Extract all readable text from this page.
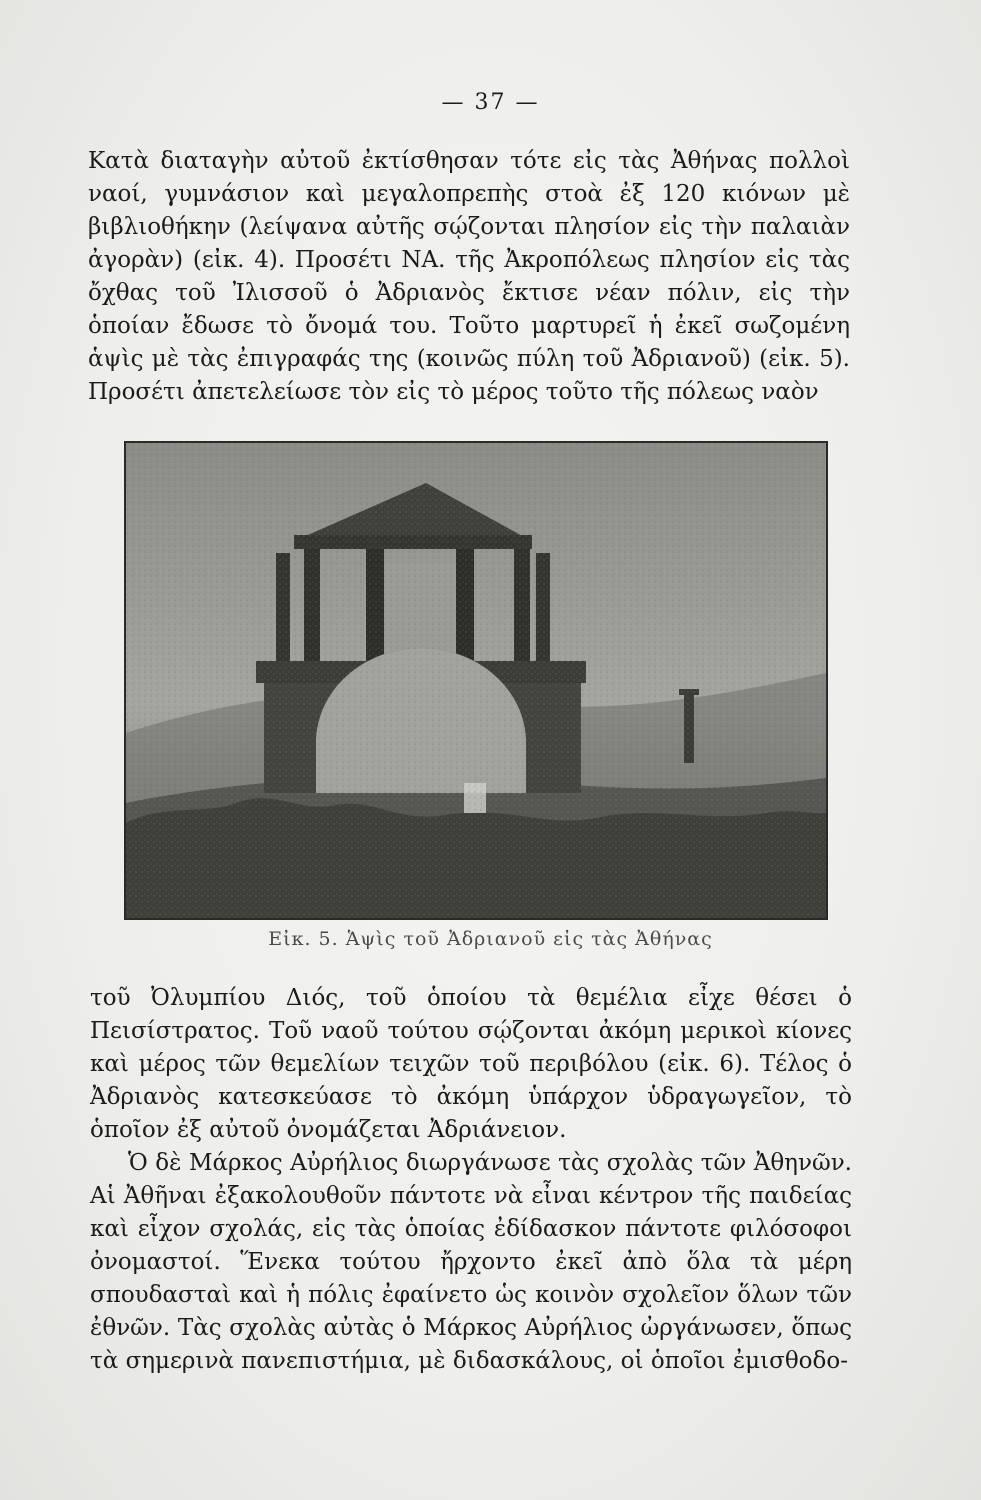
— 37 —

Κατὰ διαταγὴν αὐτοῦ ἐκτίσθησαν τότε εἰς τὰς Ἀθήνας πολλοὶ ναοί, γυμνάσιον καὶ μεγαλοπρεπὴς στοὰ ἐξ 120 κιόνων μὲ βιβλιοθήκην (λείψανα αὐτῆς σῴζονται πλησίον εἰς τὴν παλαιὰν ἀγορὰν) (εἰκ. 4). Προσέτι ΝΑ. τῆς Ἀκροπόλεως πλησίον εἰς τὰς ὄχθας τοῦ Ἰλισσοῦ ὁ Ἀδριανὸς ἔκτισε νέαν πόλιν, εἰς τὴν ὁποίαν ἔδωσε τὸ ὄνομά του. Τοῦτο μαρτυρεῖ ἡ ἐκεῖ σωζομένη ἁψὶς μὲ τὰς ἐπιγραφάς της (κοινῶς πύλη τοῦ Ἀδριανοῦ) (εἰκ. 5). Προσέτι ἀπετελείωσε τὸν εἰς τὸ μέρος τοῦτο τῆς πόλεως ναὸν

Εἰκ. 5. Ἁψὶς τοῦ Ἀδριανοῦ εἰς τὰς Ἀθήνας

τοῦ Ὀλυμπίου Διός, τοῦ ὁποίου τὰ θεμέλια εἶχε θέσει ὁ Πεισίστρατος. Τοῦ ναοῦ τούτου σῴζονται ἀκόμη μερικοὶ κίονες καὶ μέρος τῶν θεμελίων τειχῶν τοῦ περιβόλου (εἰκ. 6). Τέλος ὁ Ἀδριανὸς κατεσκεύασε τὸ ἀκόμη ὑπάρχον ὑδραγωγεῖον, τὸ ὁποῖον ἐξ αὐτοῦ ὀνομάζεται Ἀδριάνειον.

Ὁ δὲ Μάρκος Αὐρήλιος διωργάνωσε τὰς σχολὰς τῶν Ἀθηνῶν. Αἱ Ἀθῆναι ἐξακολουθοῦν πάντοτε νὰ εἶναι κέντρον τῆς παιδείας καὶ εἶχον σχολάς, εἰς τὰς ὁποίας ἐδίδασκον πάντοτε φιλόσοφοι ὀνομαστοί. Ἕνεκα τούτου ἤρχοντο ἐκεῖ ἀπὸ ὅλα τὰ μέρη σπουδασταὶ καὶ ἡ πόλις ἐφαίνετο ὡς κοινὸν σχολεῖον ὅλων τῶν ἐθνῶν. Τὰς σχολὰς αὐτὰς ὁ Μάρκος Αὐρήλιος ὠργάνωσεν, ὅπως τὰ σημερινὰ πανεπιστήμια, μὲ διδασκάλους, οἱ ὁποῖοι ἐμισθοδο-
